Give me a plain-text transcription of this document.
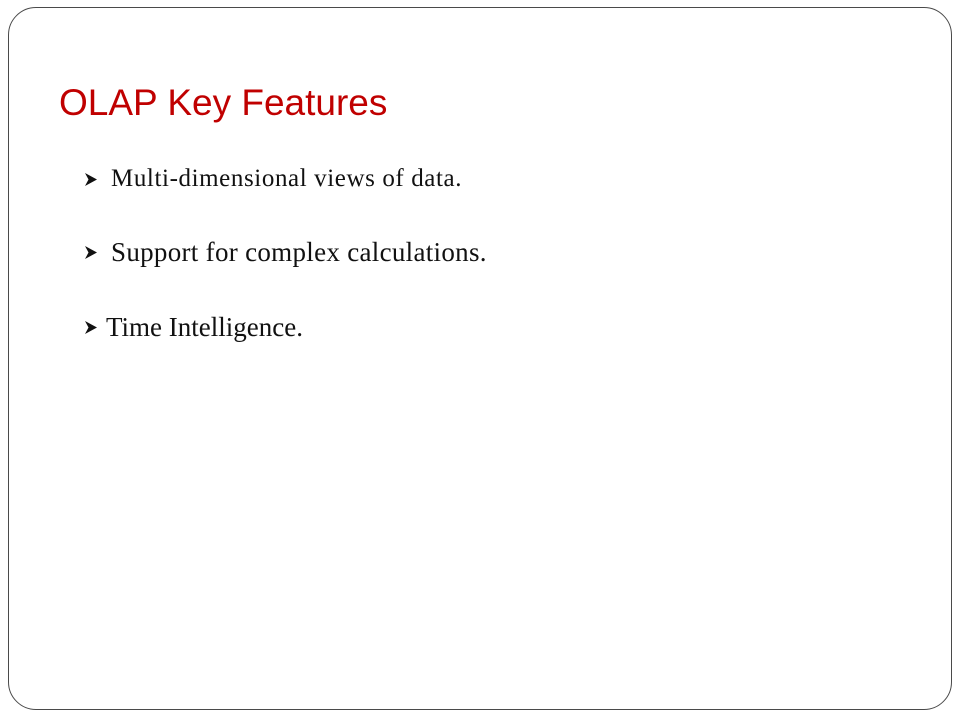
OLAP Key Features
Multi-dimensional views of data.
Support for complex calculations.
Time Intelligence.
